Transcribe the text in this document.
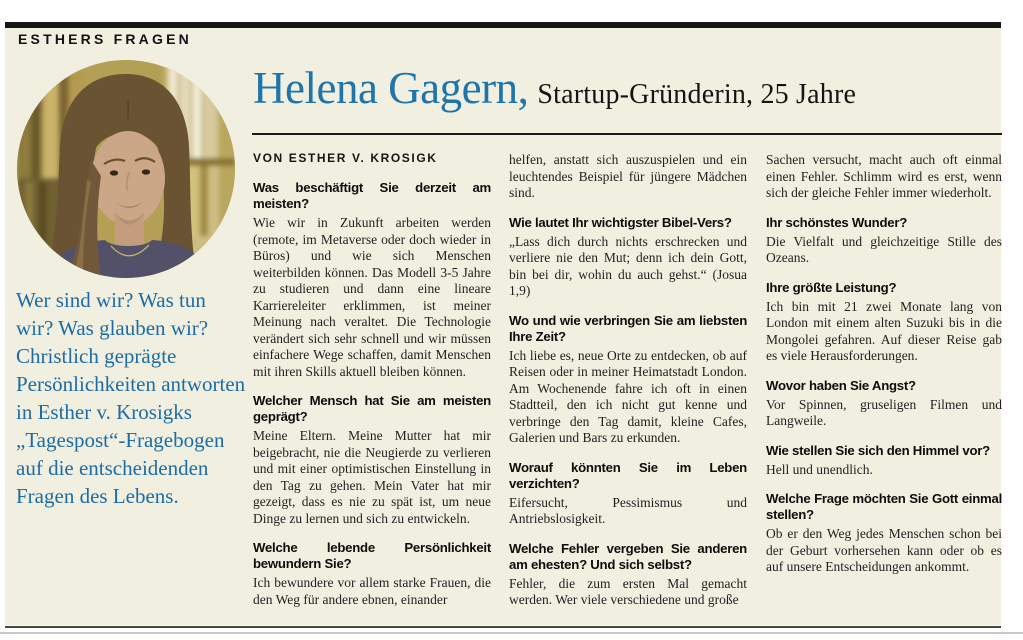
ESTHERS FRAGEN
Wer sind wir? Was tun wir? Was glauben wir? Christlich geprägte Persönlichkeiten antworten in Esther v. Krosigks „Tagespost“-Fragebogen auf die entscheidenden Fragen des Lebens.
Helena Gagern, Startup-Gründerin, 25 Jahre
VON ESTHER V. KROSIGK
Was beschäftigt Sie derzeit am meisten?
Wie wir in Zukunft arbeiten werden (remote, im Metaverse oder doch wieder in Büros) und wie sich Menschen weiterbilden können. Das Modell 3-5 Jahre zu studieren und dann eine lineare Karriereleiter erklimmen, ist meiner Meinung nach veraltet. Die Technologie verändert sich sehr schnell und wir müssen einfachere Wege schaffen, damit Menschen mit ihren Skills aktuell bleiben können.
Welcher Mensch hat Sie am meisten geprägt?
Meine Eltern. Meine Mutter hat mir beigebracht, nie die Neugierde zu verlieren und mit einer optimistischen Einstellung in den Tag zu gehen. Mein Vater hat mir gezeigt, dass es nie zu spät ist, um neue Dinge zu lernen und sich zu entwickeln.
Welche lebende Persönlichkeit bewundern Sie?
Ich bewundere vor allem starke Frauen, die den Weg für andere ebnen, einander
helfen, anstatt sich auszuspielen und ein leuchtendes Beispiel für jüngere Mädchen sind.
Wie lautet Ihr wichtigster Bibel-Vers?
„Lass dich durch nichts erschrecken und verliere nie den Mut; denn ich dein Gott, bin bei dir, wohin du auch gehst.“ (Josua 1,9)
Wo und wie verbringen Sie am liebsten Ihre Zeit?
Ich liebe es, neue Orte zu entdecken, ob auf Reisen oder in meiner Heimatstadt London. Am Wochenende fahre ich oft in einen Stadtteil, den ich nicht gut kenne und verbringe den Tag damit, kleine Cafes, Galerien und Bars zu erkunden.
Worauf könnten Sie im Leben verzichten?
Eifersucht, Pessimismus und Antriebslosigkeit.
Welche Fehler vergeben Sie anderen am ehesten? Und sich selbst?
Fehler, die zum ersten Mal gemacht werden. Wer viele verschiedene und große
Sachen versucht, macht auch oft einmal einen Fehler. Schlimm wird es erst, wenn sich der gleiche Fehler immer wiederholt.
Ihr schönstes Wunder?
Die Vielfalt und gleichzeitige Stille des Ozeans.
Ihre größte Leistung?
Ich bin mit 21 zwei Monate lang von London mit einem alten Suzuki bis in die Mongolei gefahren. Auf dieser Reise gab es viele Herausforderungen.
Wovor haben Sie Angst?
Vor Spinnen, gruseligen Filmen und Langweile.
Wie stellen Sie sich den Himmel vor?
Hell und unendlich.
Welche Frage möchten Sie Gott einmal stellen?
Ob er den Weg jedes Menschen schon bei der Geburt vorhersehen kann oder ob es auf unsere Entscheidungen ankommt.
